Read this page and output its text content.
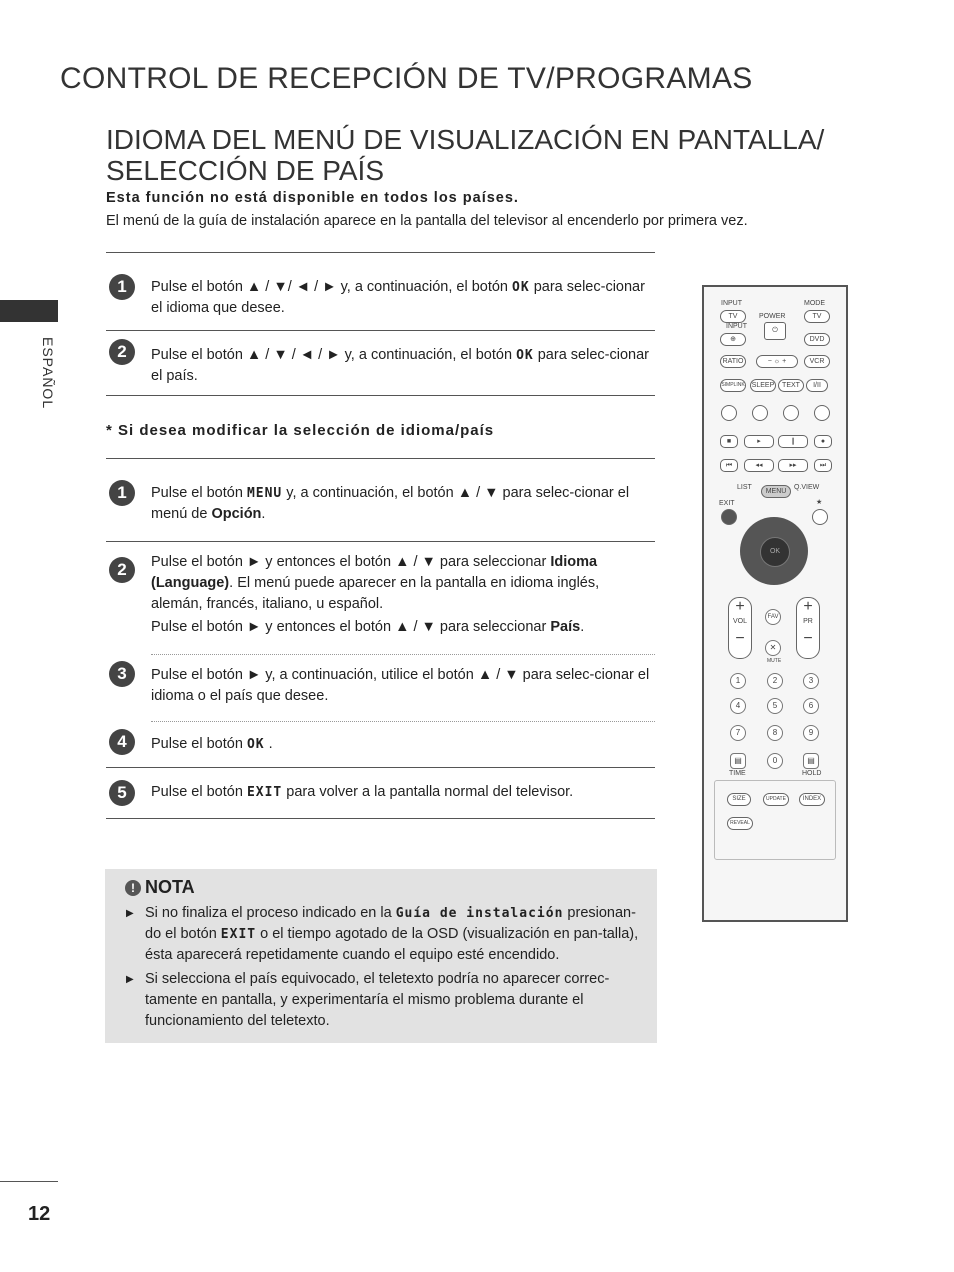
CONTROL DE RECEPCIÓN DE TV/PROGRAMAS
IDIOMA DEL MENÚ DE VISUALIZACIÓN EN PANTALLA/
SELECCIÓN DE PAÍS
Esta función no está disponible en todos los países.
El menú de la guía de instalación aparece en la pantalla del televisor al encenderlo por primera vez.
ESPAÑOL
12
1	Pulse el botón ▲ / ▼/ ◄ / ► y, a continuación, el botón OK para selec-cionar el idioma que desee.
2	Pulse el botón ▲ / ▼ / ◄ / ► y, a continuación, el botón OK para selec-cionar el país.
* Si desea modificar la selección de idioma/país
1	Pulse el botón MENU y, a continuación, el botón ▲ / ▼ para selec-cionar el menú de Opción.
2	Pulse el botón ► y entonces el botón ▲ / ▼ para seleccionar Idioma (Language). El menú puede aparecer en la pantalla en idioma inglés, alemán, francés, italiano, u español.
Pulse el botón ► y entonces el botón ▲ / ▼ para seleccionar País.
3	Pulse el botón ► y, a continuación, utilice el botón ▲ / ▼ para selec-cionar el idioma o el país que desee.
4	Pulse el botón OK .
5	Pulse el botón EXIT para volver a la pantalla normal del televisor.
! NOTA
▶ Si no finaliza el proceso indicado en la Guía de instalación presionan-do el botón EXIT o el tiempo agotado de la OSD (visualización en pan-talla), ésta aparecerá repetidamente cuando el equipo esté encendido.
▶ Si selecciona el país equivocado, el teletexto podría no aparecer correc-tamente en pantalla, y experimentaría el mismo problema durante el funcionamiento del teletexto.
INPUT
TV
INPUT
⊕
MODE
TV
POWER
⏻
DVD
RATIO	− ☼ +	VCR
SIMPLINK SLEEP	TEXT	I/II
■	▸	❙	●
⏮	◂◂	▸▸	⏭
LIST	Q.VIEW
MENU
EXIT	★
OK
+
VOL
−
+
PR
−
FAV
✕
MUTE
1	2	3
4	5	6
7	8	9
▤	0	▤
TIME	HOLD
SIZE	UPDATE	INDEX
REVEAL
